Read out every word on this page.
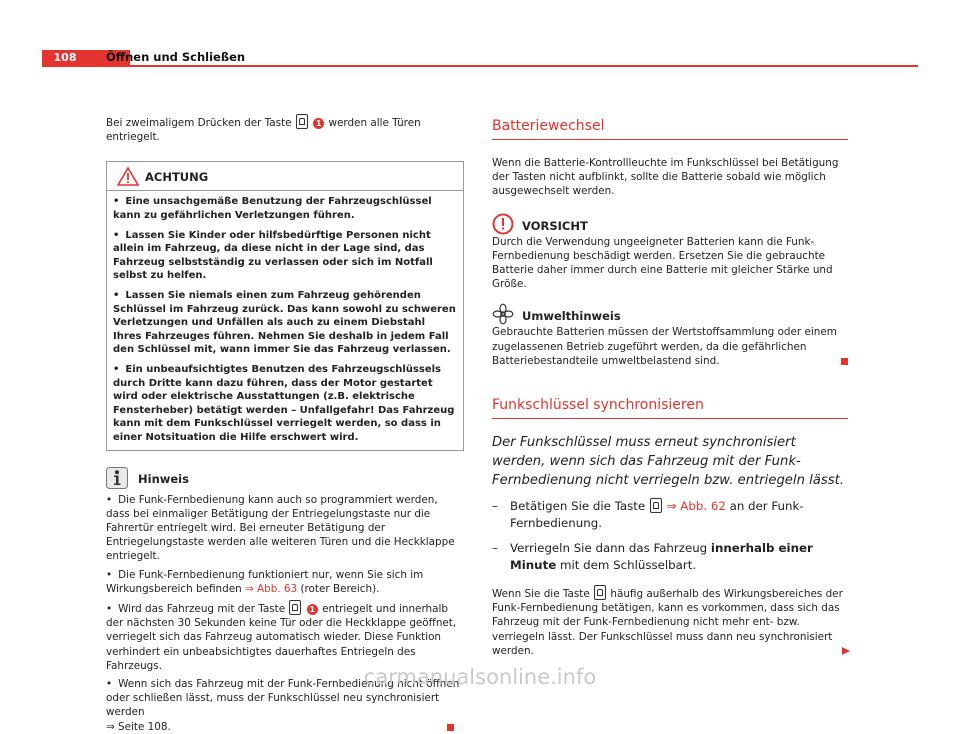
108	Öffnen und Schließen

Bei zweimaligem Drücken der Taste	1 werden alle Türen entriegelt.

ACHTUNG

• Eine unsachgemäße Benutzung der Fahrzeugschlüssel kann zu gefährlichen Verletzungen führen.

• Lassen Sie Kinder oder hilfsbedürftige Personen nicht allein im Fahrzeug, da diese nicht in der Lage sind, das Fahrzeug selbstständig zu verlassen oder sich im Notfall selbst zu helfen.

• Lassen Sie niemals einen zum Fahrzeug gehörenden Schlüssel im Fahrzeug zurück. Das kann sowohl zu schweren Verletzungen und Unfällen als auch zu einem Diebstahl Ihres Fahrzeuges führen. Nehmen Sie deshalb in jedem Fall den Schlüssel mit, wann immer Sie das Fahrzeug verlassen.

• Ein unbeaufsichtigtes Benutzen des Fahrzeugschlüssels durch Dritte kann dazu führen, dass der Motor gestartet wird oder elektrische Ausstattungen (z.B. elektrische Fensterheber) betätigt werden – Unfallgefahr! Das Fahrzeug kann mit dem Funkschlüssel verriegelt werden, so dass in einer Notsituation die Hilfe erschwert wird.

Hinweis

• Die Funk-Fernbedienung kann auch so programmiert werden, dass bei einmaliger Betätigung der Entriegelungstaste nur die Fahrertür entriegelt wird. Bei erneuter Betätigung der Entriegelungstaste werden alle weiteren Türen und die Heckklappe entriegelt.

• Die Funk-Fernbedienung funktioniert nur, wenn Sie sich im Wirkungsbereich befinden ⇒ Abb. 63 (roter Bereich).

• Wird das Fahrzeug mit der Taste	1 entriegelt und innerhalb der nächsten 30 Sekunden keine Tür oder die Heckklappe geöffnet, verriegelt sich das Fahrzeug automatisch wieder. Diese Funktion verhindert ein unbeabsichtigtes dauerhaftes Entriegeln des Fahrzeugs.

• Wenn sich das Fahrzeug mit der Funk-Fernbedienung nicht öffnen oder schließen lässt, muss der Funkschlüssel neu synchronisiert werden
⇒ Seite 108.

Batteriewechsel

Wenn die Batterie-Kontrollleuchte im Funkschlüssel bei Betätigung der Tasten nicht aufblinkt, sollte die Batterie sobald wie möglich ausgewechselt werden.

VORSICHT

Durch die Verwendung ungeeigneter Batterien kann die Funk-Fernbedienung beschädigt werden. Ersetzen Sie die gebrauchte Batterie daher immer durch eine Batterie mit gleicher Stärke und Größe.

Umwelthinweis

Gebrauchte Batterien müssen der Wertstoffsammlung oder einem zugelassenen Betrieb zugeführt werden, da die gefährlichen Batteriebestandteile umweltbelastend sind.

Funkschlüssel synchronisieren

Der Funkschlüssel muss erneut synchronisiert werden, wenn sich das Fahrzeug mit der Funk-Fernbedienung nicht verriegeln bzw. entriegeln lässt.

– Betätigen Sie die Taste  ⇒ Abb. 62 an der Funk-Fernbedienung.
– Verriegeln Sie dann das Fahrzeug innerhalb einer Minute mit dem Schlüsselbart.

Wenn Sie die Taste  häufig außerhalb des Wirkungsbereiches der Funk-Fernbedienung betätigen, kann es vorkommen, dass sich das Fahrzeug mit der Funk-Fernbedienung nicht mehr ent- bzw. verriegeln lässt. Der Funkschlüssel muss dann neu synchronisiert werden.

carmanualsonline.info
